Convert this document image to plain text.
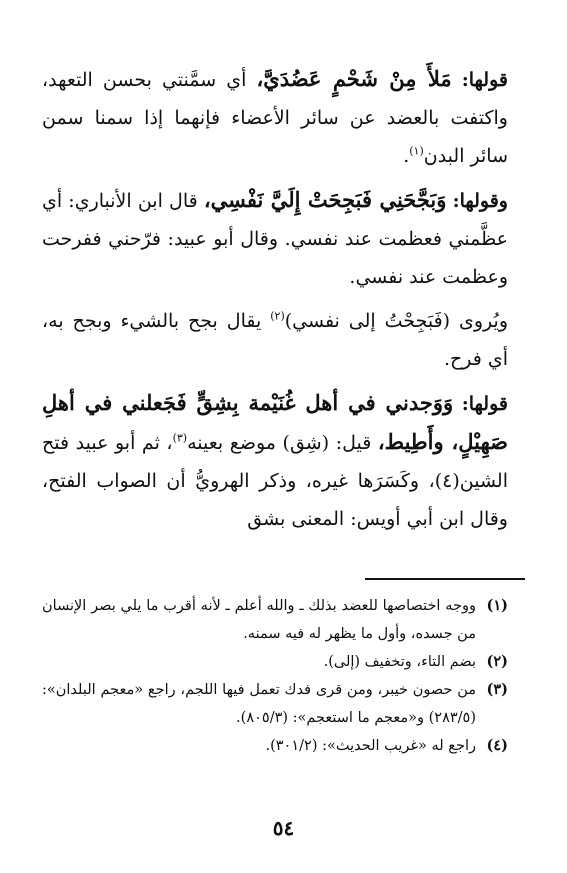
قولها: مَلأَ مِنْ شَحْمٍ عَضُدَيَّ، أي سمَّنتي بحسن التعهد، واكتفت بالعضد عن سائر الأعضاء فإنهما إذا سمنا سمن سائر البدن$^{(١)}$.

وقولها: وَبَجَّحَنِي فَبَجِحَتْ إِلَيَّ نَفْسِي، قال ابن الأنباري: أي عظَّمني فعظمت عند نفسي. وقال أبو عبيد: فرّحني ففرحت وعظمت عند نفسي.

ويُروى (فَبَجِحْتُ إلى نفسي)$^{(٢)}$ يقال بجح بالشيء وبجح به، أي فرح.

قولها: وَوَجدني في أهل غُنَيْمة بِشِقٍّ فَجَعلني في أهلِ صَهِيْلٍ، وأَطِيط، قيل: (شِق) موضع بعينه$^{(٣)}$، ثم أبو عبيد فتح الشين(٤)، وكَسَرَها غيره، وذكر الهرويُّ أن الصواب الفتح، وقال ابن أبي أويس: المعنى بشق

(١)
ووجه اختصاصها للعضد بذلك ـ والله أعلم ـ لأنه أقرب ما يلي بصر الإنسان من جسده، وأول ما يظهر له فيه سمنه.
(٢)
بضم التاء، وتخفيف (إلى).
(٣)
من حصون خيبر، ومن قرى فدك تعمل فيها اللجم، راجع «معجم البلدان»: (٢٨٣/٥) و«معجم ما استعجم»: (٨٠٥/٣).
(٤)
راجع له «غريب الحديث»: (٣٠١/٢).
٥٤
